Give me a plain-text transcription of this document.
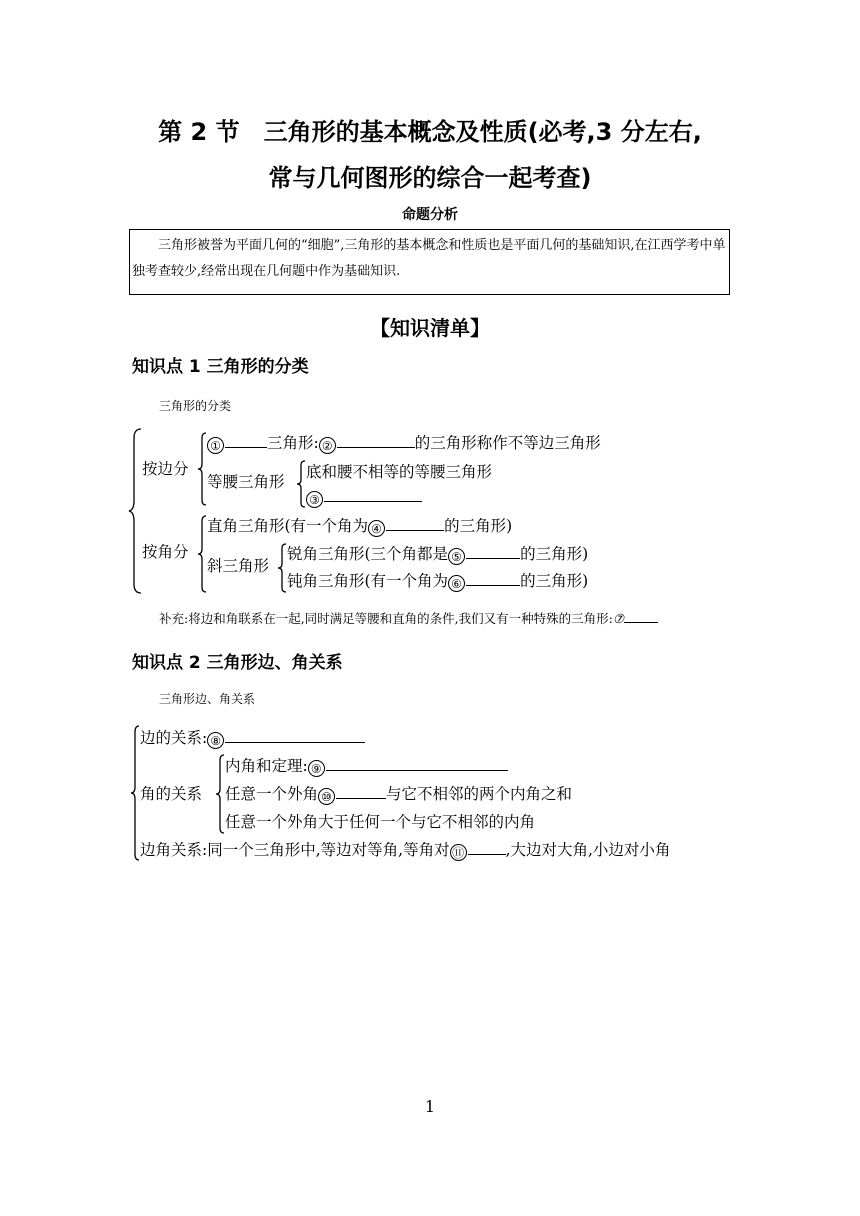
第 2 节　三角形的基本概念及性质(必考,3 分左右,
常与几何图形的综合一起考查)
命题分析

三角形被誉为平面几何的“细胞”,三角形的基本概念和性质也是平面几何的基础知识,在江西学考中单独考查较少,经常出现在几何题中作为基础知识.

【知识清单】
知识点 1 三角形的分类
三角形的分类
按边分
①	三角形: ②	的三角形称作不等边三角形
等腰三角形
底和腰不相等的等腰三角形
③
按角分
直角三角形(有一个角为 ④	的三角形)
斜三角形
锐角三角形(三个角都是 ⑤	的三角形)
钝角三角形(有一个角为 ⑥	的三角形)
补充:将边和角联系在一起,同时满足等腰和直角的条件,我们又有一种特殊的三角形:⑦
知识点 2 三角形边、角关系
三角形边、角关系
边的关系: ⑧
角的关系
内角和定理: ⑨
任意一个外角 ⑩	与它不相邻的两个内角之和
任意一个外角大于任何一个与它不相邻的内角
边角关系:同一个三角形中,等边对等角,等角对 ⑪	,大边对大角,小边对小角
1
